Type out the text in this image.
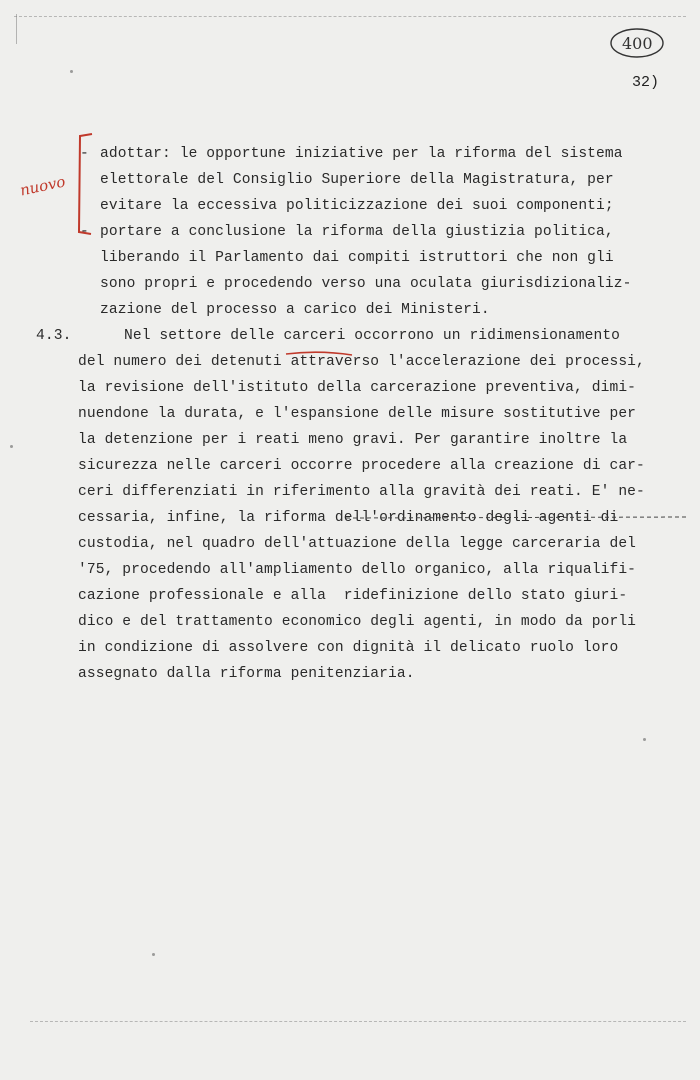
400
32)
nuovo
- adottar: le opportune iniziative per la riforma del sistema
elettorale del Consiglio Superiore della Magistratura, per
evitare la eccessiva politicizzazione dei suoi componenti;
- portare a conclusione la riforma della giustizia politica,
liberando il Parlamento dai compiti istruttori che non gli
sono propri e procedendo verso una oculata giurisdizionaliz-
zazione del processo a carico dei Ministeri.
4.3.	Nel settore delle carceri occorrono un ridimensionamento
del numero dei detenuti attraverso l'accelerazione dei processi,
la revisione dell'istituto della carcerazione preventiva, dimi-
nuendone la durata, e l'espansione delle misure sostitutive per
la detenzione per i reati meno gravi. Per garantire inoltre la
sicurezza nelle carceri occorre procedere alla creazione di car-
ceri differenziati in riferimento alla gravità dei reati. E' ne-
cessaria, infine, la riforma dell'ordinamento degli agenti di
custodia, nel quadro dell'attuazione della legge carceraria del
'75, procedendo all'ampliamento dello organico, alla riqualifi-
cazione professionale e alla  ridefinizione dello stato giuri-
dico e del trattamento economico degli agenti, in modo da porli
in condizione di assolvere con dignità il delicato ruolo loro
assegnato dalla riforma penitenziaria.
